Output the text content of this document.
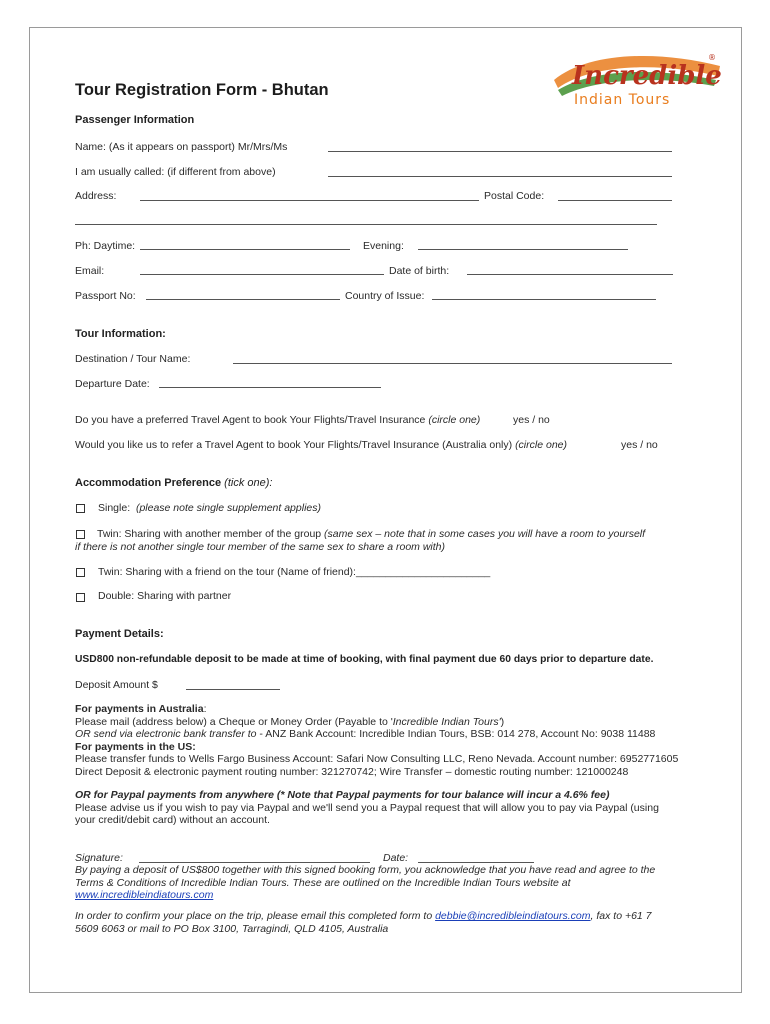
Incredible
®
Indian Tours
Tour Registration Form - Bhutan
Passenger Information
Name: (As it appears on passport) Mr/Mrs/Ms
I am usually called: (if different from above)
Address:	Postal Code:
Ph: Daytime:	Evening:
Email:	Date of birth:
Passport No:	Country of Issue:
Tour Information:
Destination / Tour Name:
Departure Date:
Do you have a preferred Travel Agent to book Your Flights/Travel Insurance (circle one)	yes / no
Would you like us to refer a Travel Agent to book Your Flights/Travel Insurance (Australia only) (circle one)	yes / no
Accommodation Preference (tick one):
Single: (please note single supplement applies)
Twin: Sharing with another member of the group (same sex – note that in some cases you will have a room to yourself
if there is not another single tour member of the same sex to share a room with)
Twin: Sharing with a friend on the tour (Name of friend):_______________________
Double: Sharing with partner
Payment Details:
USD800 non-refundable deposit to be made at time of booking, with final payment due 60 days prior to departure date.
Deposit Amount $
For payments in Australia:
Please mail (address below) a Cheque or Money Order (Payable to 'Incredible Indian Tours')
OR send via electronic bank transfer to - ANZ Bank Account: Incredible Indian Tours, BSB: 014 278, Account No: 9038 11488
For payments in the US:
Please transfer funds to Wells Fargo Business Account: Safari Now Consulting LLC, Reno Nevada. Account number: 6952771605
Direct Deposit & electronic payment routing number: 321270742; Wire Transfer – domestic routing number: 121000248
OR for Paypal payments from anywhere (* Note that Paypal payments for tour balance will incur a 4.6% fee)
Please advise us if you wish to pay via Paypal and we'll send you a Paypal request that will allow you to pay via Paypal (using
your credit/debit card) without an account.
Signature:	Date:
By paying a deposit of US$800 together with this signed booking form, you acknowledge that you have read and agree to the
Terms & Conditions of Incredible Indian Tours. These are outlined on the Incredible Indian Tours website at
www.incredibleindiatours.com
In order to confirm your place on the trip, please email this completed form to debbie@incredibleindiatours.com, fax to +61 7
5609 6063 or mail to PO Box 3100, Tarragindi, QLD 4105, Australia
